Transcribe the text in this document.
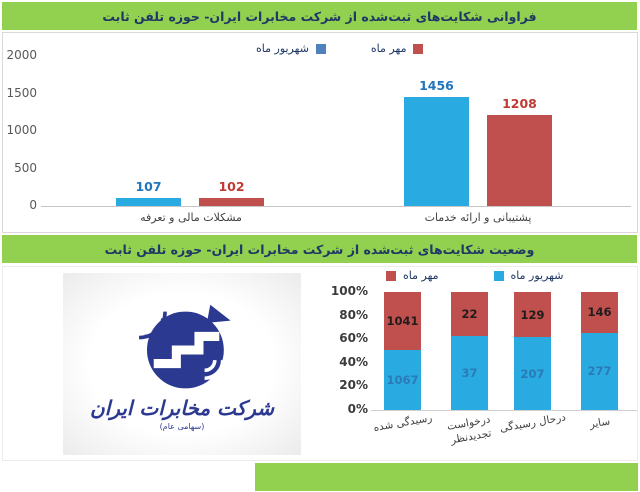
فراوانی شکایت‌های ثبت‌شده از شرکت مخابرات ایران- حوزه تلفن ثابت
شهریور ماه	مهر ماه
107	102
1456
1208
2000
1500
1000
500
0
مشکلات مالی و تعرفه	پشتیبانی و ارائه خدمات
وضعیت شکایت‌های ثبت‌شده از شرکت مخابرات ایران- حوزه تلفن ثابت
شرکت مخابرات ایران
(سهامی عام)
مهر ماه	شهریور ماه
1067
1041
37
22
207
129
277
146
0%
20%
40%
60%
80%
100%
رسیدگی شده	درخواست
تجدیدنظر
درحال رسیدگی	سایر
